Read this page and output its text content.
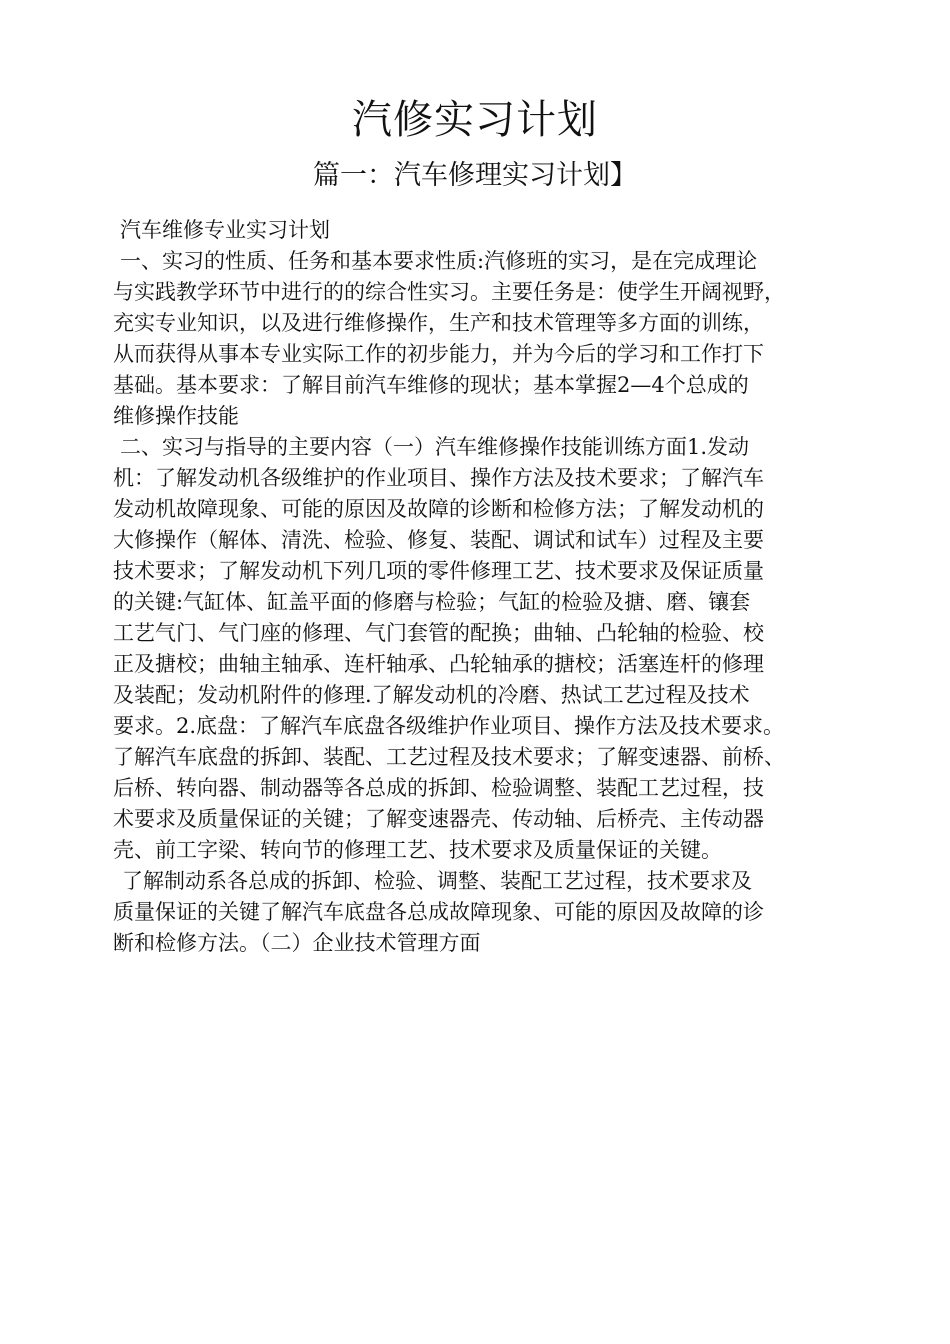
汽修实习计划
篇一：汽车修理实习计划】
汽车维修专业实习计划
一、实习的性质、任务和基本要求性质:汽修班的实习，是在完成理论
与实践教学环节中进行的的综合性实习。主要任务是：使学生开阔视野，
充实专业知识，以及进行维修操作，生产和技术管理等多方面的训练，
从而获得从事本专业实际工作的初步能力，并为今后的学习和工作打下
基础。基本要求：了解目前汽车维修的现状；基本掌握2—4个总成的
维修操作技能
二、实习与指导的主要内容（一）汽车维修操作技能训练方面1.发动
机：了解发动机各级维护的作业项目、操作方法及技术要求；了解汽车
发动机故障现象、可能的原因及故障的诊断和检修方法；了解发动机的
大修操作（解体、清洗、检验、修复、装配、调试和试车）过程及主要
技术要求；了解发动机下列几项的零件修理工艺、技术要求及保证质量
的关键:气缸体、缸盖平面的修磨与检验；气缸的检验及搪、磨、镶套
工艺气门、气门座的修理、气门套管的配换；曲轴、凸轮轴的检验、校
正及搪校；曲轴主轴承、连杆轴承、凸轮轴承的搪校；活塞连杆的修理
及装配；发动机附件的修理.了解发动机的冷磨、热试工艺过程及技术
要求。2.底盘：了解汽车底盘各级维护作业项目、操作方法及技术要求。
了解汽车底盘的拆卸、装配、工艺过程及技术要求；了解变速器、前桥、
后桥、转向器、制动器等各总成的拆卸、检验调整、装配工艺过程，技
术要求及质量保证的关键；了解变速器壳、传动轴、后桥壳、主传动器
壳、前工字梁、转向节的修理工艺、技术要求及质量保证的关键。
了解制动系各总成的拆卸、检验、调整、装配工艺过程，技术要求及
质量保证的关键了解汽车底盘各总成故障现象、可能的原因及故障的诊
断和检修方法。（二）企业技术管理方面
